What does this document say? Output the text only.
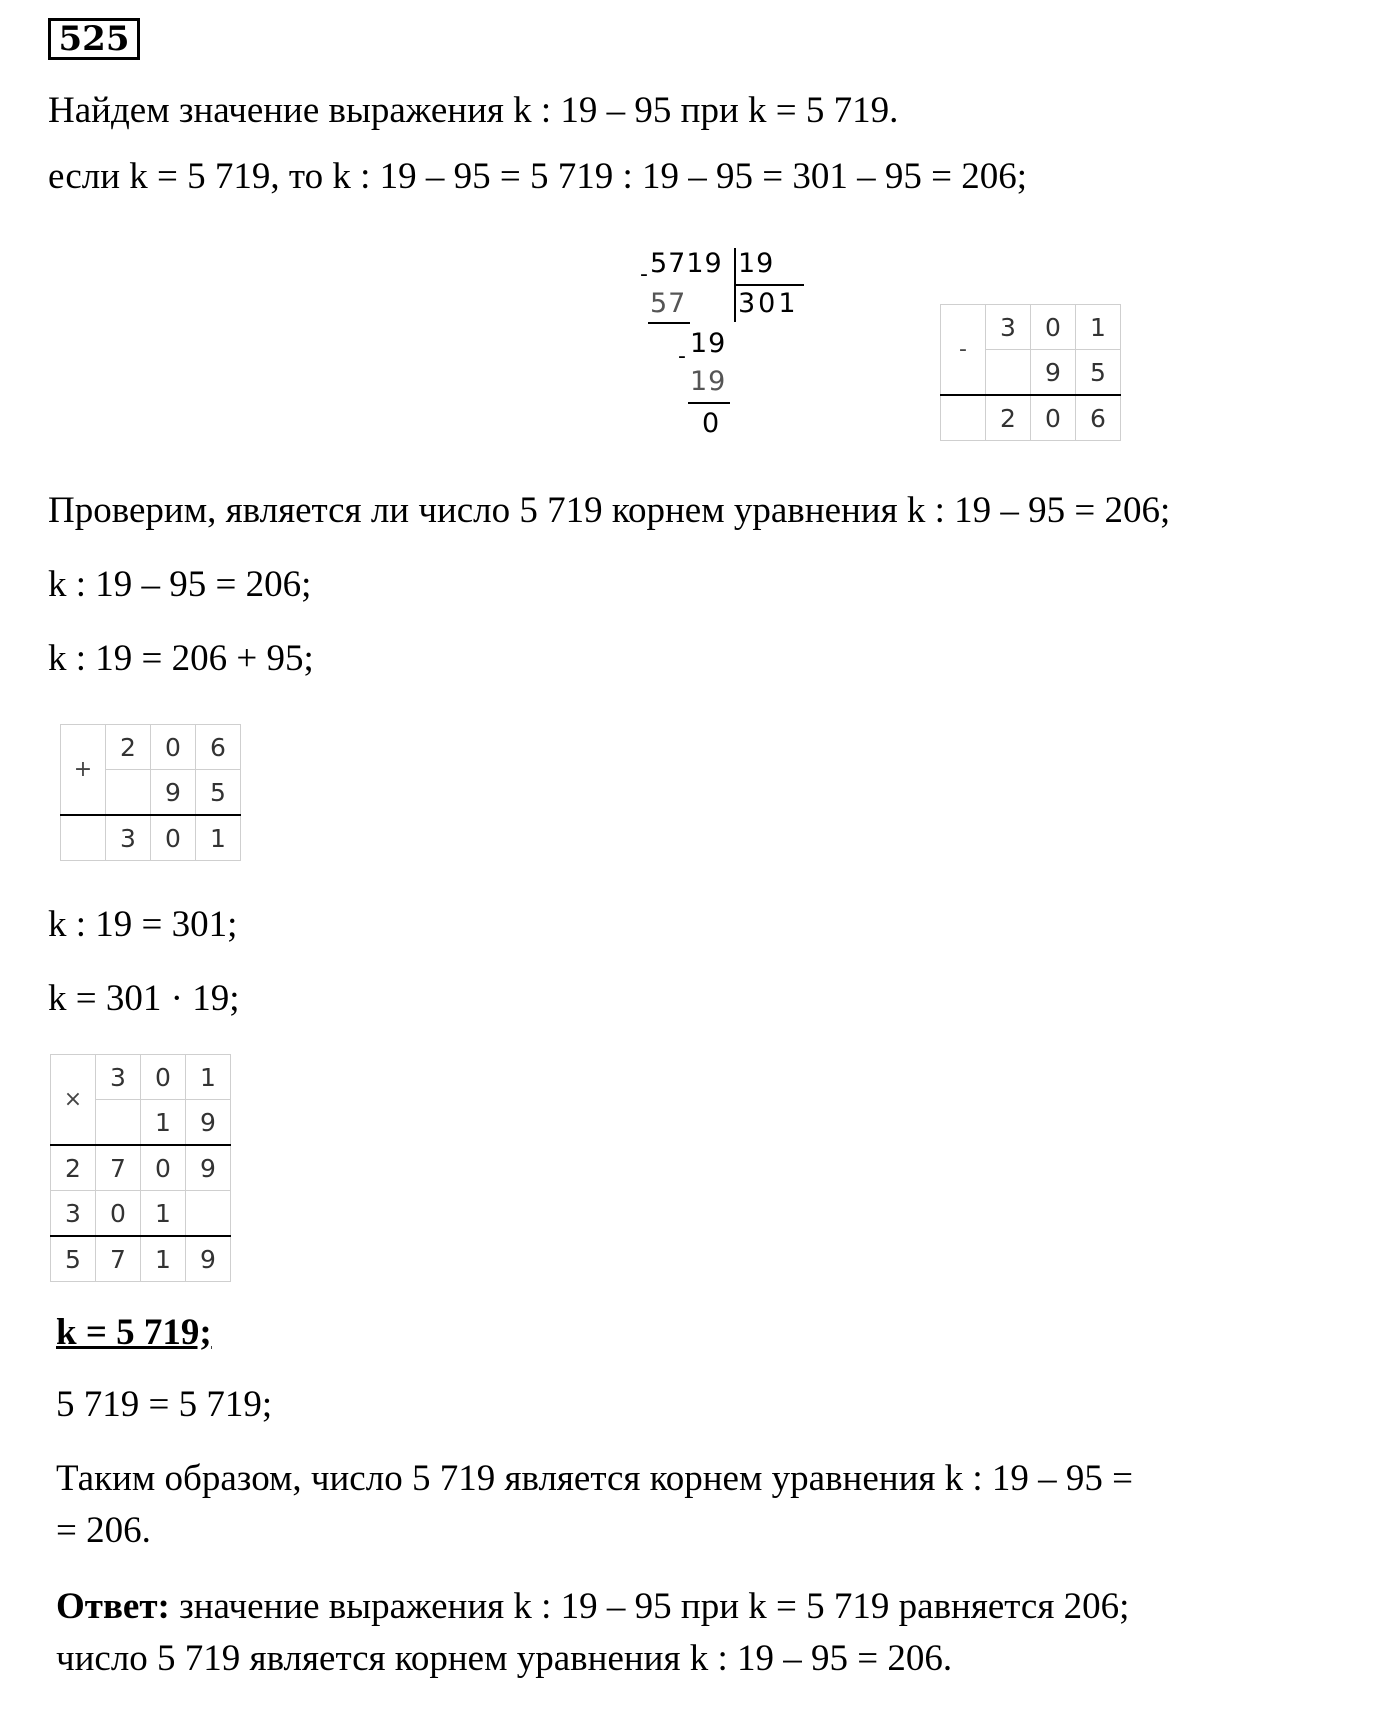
525
Найдем значение выражения k : 19 – 95 при k = 5 719.
если k = 5 719, то k : 19 – 95 = 5 719 : 19 – 95 = 301 – 95 = 206;
5719 19
301
-
57
19
-
19
0
-	3	0	1
		9	5
	2	0	6
Проверим, является ли число 5 719 корнем уравнения k : 19 – 95 = 206;
k : 19 – 95 = 206;
k : 19 = 206 + 95;
+	2	0	6
		9	5
	3	0	1
k : 19 = 301;
k = 301 · 19;
×	3	0	1
		1	9
2	7	0	9
3	0	1	
5	7	1	9
k = 5 719;
5 719 = 5 719;
Таким образом, число 5 719 является корнем уравнения k : 19 – 95 =
= 206.
Ответ: значение выражения k : 19 – 95 при k = 5 719 равняется 206;
число 5 719 является корнем уравнения k : 19 – 95 = 206.
